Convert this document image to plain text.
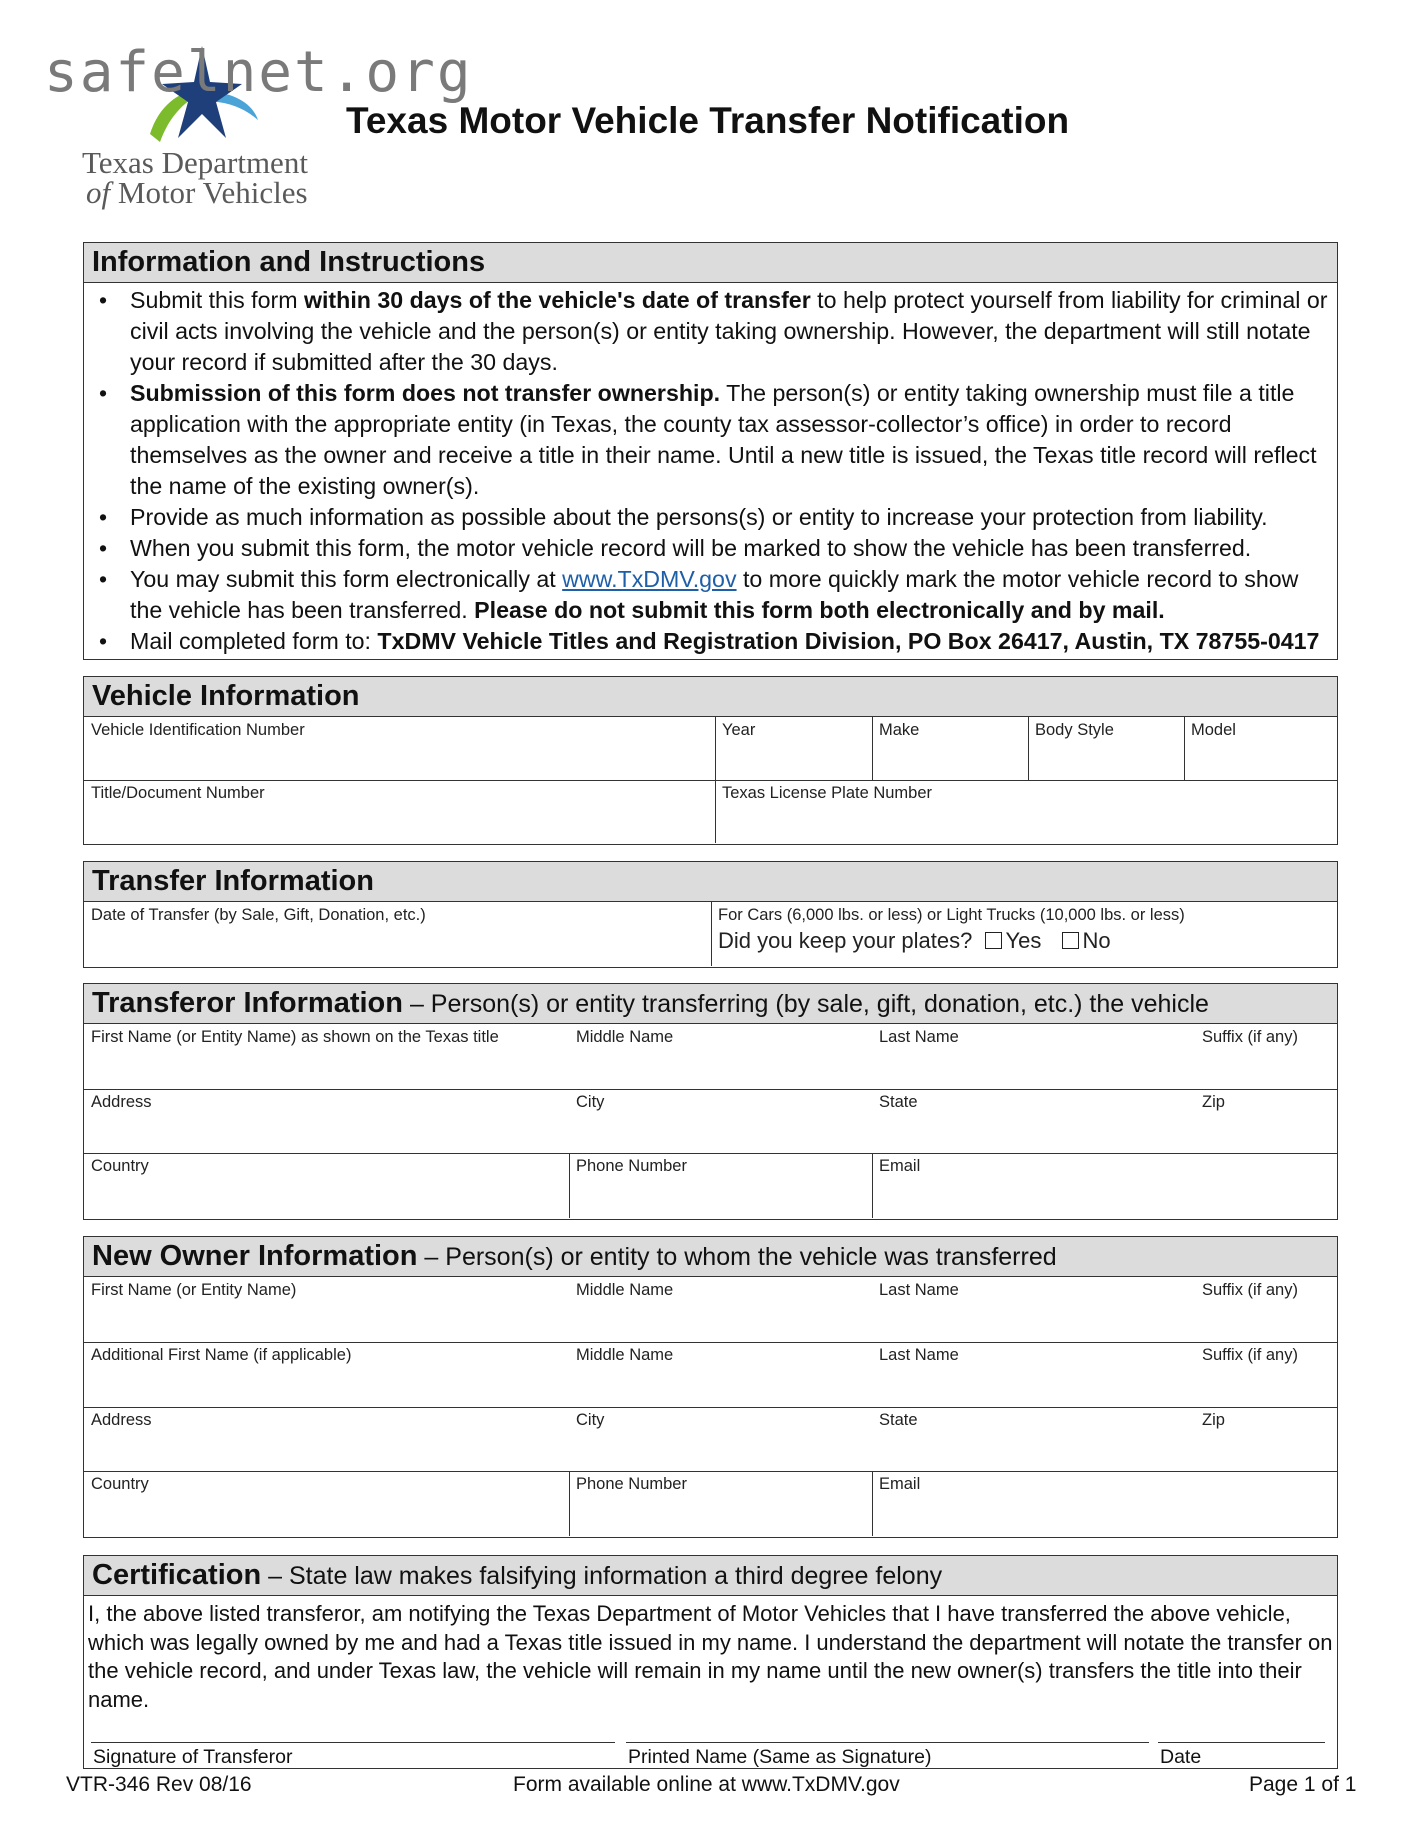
safelnet.org
Texas Department
of Motor Vehicles
Texas Motor Vehicle Transfer Notification
Information and Instructions
• Submit this form within 30 days of the vehicle's date of transfer to help protect yourself from liability for criminal or civil acts involving the vehicle and the person(s) or entity taking ownership. However, the department will still notate your record if submitted after the 30 days.
• Submission of this form does not transfer ownership. The person(s) or entity taking ownership must file a title application with the appropriate entity (in Texas, the county tax assessor-collector’s office) in order to record themselves as the owner and receive a title in their name. Until a new title is issued, the Texas title record will reflect the name of the existing owner(s).
• Provide as much information as possible about the persons(s) or entity to increase your protection from liability.
• When you submit this form, the motor vehicle record will be marked to show the vehicle has been transferred.
• You may submit this form electronically at www.TxDMV.gov to more quickly mark the motor vehicle record to show the vehicle has been transferred. Please do not submit this form both electronically and by mail.
• Mail completed form to: TxDMV Vehicle Titles and Registration Division, PO Box 26417, Austin, TX 78755-0417
Vehicle Information
Vehicle Identification Number	Year	Make	Body Style	Model
Title/Document Number	Texas License Plate Number
Transfer Information
Date of Transfer (by Sale, Gift, Donation, etc.)	For Cars (6,000 lbs. or less) or Light Trucks (10,000 lbs. or less)
Did you keep your plates? Yes No
Transferor Information – Person(s) or entity transferring (by sale, gift, donation, etc.) the vehicle
First Name (or Entity Name) as shown on the Texas title	Middle Name	Last Name	Suffix (if any)
Address	City	State	Zip
Country	Phone Number	Email
New Owner Information – Person(s) or entity to whom the vehicle was transferred
First Name (or Entity Name)	Middle Name	Last Name	Suffix (if any)
Additional First Name (if applicable)	Middle Name	Last Name	Suffix (if any)
Address	City	State	Zip
Country	Phone Number	Email
Certification – State law makes falsifying information a third degree felony
I, the above listed transferor, am notifying the Texas Department of Motor Vehicles that I have transferred the above vehicle, which was legally owned by me and had a Texas title issued in my name. I understand the department will notate the transfer on the vehicle record, and under Texas law, the vehicle will remain in my name until the new owner(s) transfers the title into their name.
Signature of Transferor	Printed Name (Same as Signature)	Date
VTR-346 Rev 08/16	Form available online at www.TxDMV.gov	Page 1 of 1
